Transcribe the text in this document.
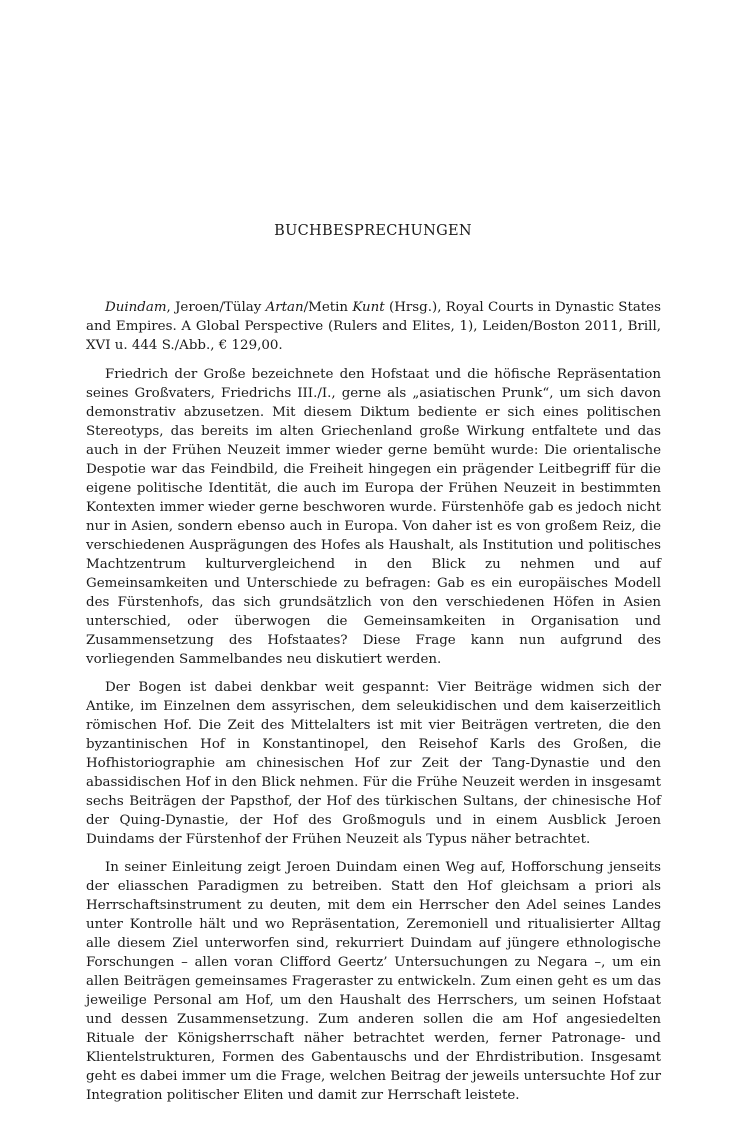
BUCHBESPRECHUNGEN

Duindam, Jeroen/Tülay Artan/Metin Kunt (Hrsg.), Royal Courts in Dynastic States and Empires. A Global Perspective (Rulers and Elites, 1), Leiden/Boston 2011, Brill, XVI u. 444 S./Abb., € 129,00.

Friedrich der Große bezeichnete den Hofstaat und die höfische Repräsentation seines Großvaters, Friedrichs III./I., gerne als „asiatischen Prunk“, um sich davon demonstrativ abzusetzen. Mit diesem Diktum bediente er sich eines politischen Stereotyps, das bereits im alten Griechenland große Wirkung entfaltete und das auch in der Frühen Neuzeit immer wieder gerne bemüht wurde: Die orientalische Despotie war das Feindbild, die Freiheit hingegen ein prägender Leitbegriff für die eigene politische Identität, die auch im Europa der Frühen Neuzeit in bestimmten Kontexten immer wieder gerne beschworen wurde. Fürstenhöfe gab es jedoch nicht nur in Asien, sondern ebenso auch in Europa. Von daher ist es von großem Reiz, die verschiedenen Ausprägungen des Hofes als Haushalt, als Institution und politisches Machtzentrum kulturvergleichend in den Blick zu nehmen und auf Gemeinsamkeiten und Unterschiede zu befragen: Gab es ein europäisches Modell des Fürstenhofs, das sich grundsätzlich von den verschiedenen Höfen in Asien unterschied, oder überwogen die Gemeinsamkeiten in Organisation und Zusammensetzung des Hofstaates? Diese Frage kann nun aufgrund des vorliegenden Sammelbandes neu diskutiert werden.

Der Bogen ist dabei denkbar weit gespannt: Vier Beiträge widmen sich der Antike, im Einzelnen dem assyrischen, dem seleukidischen und dem kaiserzeitlich römischen Hof. Die Zeit des Mittelalters ist mit vier Beiträgen vertreten, die den byzantinischen Hof in Konstantinopel, den Reisehof Karls des Großen, die Hofhistoriographie am chinesischen Hof zur Zeit der Tang-Dynastie und den abassidischen Hof in den Blick nehmen. Für die Frühe Neuzeit werden in insgesamt sechs Beiträgen der Papsthof, der Hof des türkischen Sultans, der chinesische Hof der Quing-Dynastie, der Hof des Großmoguls und in einem Ausblick Jeroen Duindams der Fürstenhof der Frühen Neuzeit als Typus näher betrachtet.

In seiner Einleitung zeigt Jeroen Duindam einen Weg auf, Hofforschung jenseits der eliasschen Paradigmen zu betreiben. Statt den Hof gleichsam a priori als Herrschaftsinstrument zu deuten, mit dem ein Herrscher den Adel seines Landes unter Kontrolle hält und wo Repräsentation, Zeremoniell und ritualisierter Alltag alle diesem Ziel unterworfen sind, rekurriert Duindam auf jüngere ethnologische Forschungen – allen voran Clifford Geertz’ Untersuchungen zu Negara –, um ein allen Beiträgen gemeinsames Frageraster zu entwickeln. Zum einen geht es um das jeweilige Personal am Hof, um den Haushalt des Herrschers, um seinen Hofstaat und dessen Zusammensetzung. Zum anderen sollen die am Hof angesiedelten Rituale der Königsherrschaft näher betrachtet werden, ferner Patronage- und Klientelstrukturen, Formen des Gabentauschs und der Ehrdistribution. Insgesamt geht es dabei immer um die Frage, welchen Beitrag der jeweils untersuchte Hof zur Integration politischer Eliten und damit zur Herrschaft leistete.
